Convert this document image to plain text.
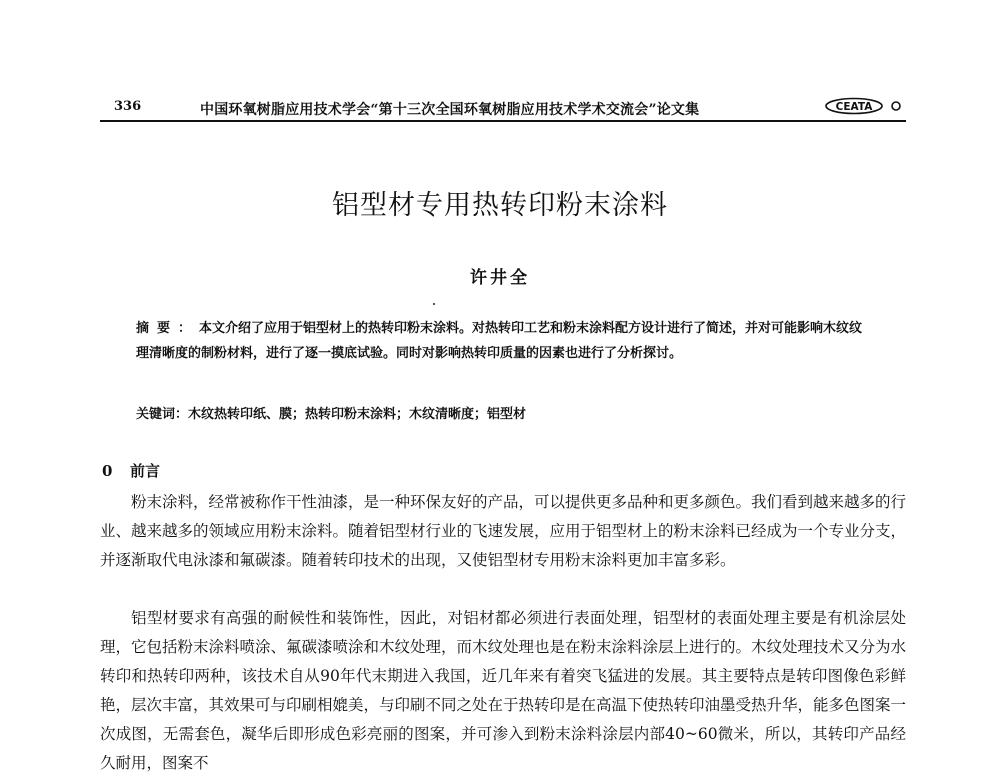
336	中国环氧树脂应用技术学会“第十三次全国环氧树脂应用技术学术交流会”论文集	CEATA
铝型材专用热转印粉末涂料
许井全
摘要：本文介绍了应用于铝型材上的热转印粉末涂料。对热转印工艺和粉末涂料配方设计进行了简述，并对可能影响木纹纹理清晰度的制粉材料，进行了逐一摸底试验。同时对影响热转印质量的因素也进行了分析探讨。
关键词：木纹热转印纸、膜；热转印粉末涂料；木纹清晰度；铝型材
0 前言
粉末涂料，经常被称作干性油漆，是一种环保友好的产品，可以提供更多品种和更多颜色。我们看到越来越多的行业、越来越多的领域应用粉末涂料。随着铝型材行业的飞速发展，应用于铝型材上的粉末涂料已经成为一个专业分支，并逐渐取代电泳漆和氟碳漆。随着转印技术的出现，又使铝型材专用粉末涂料更加丰富多彩。
铝型材要求有高强的耐候性和装饰性，因此，对铝材都必须进行表面处理，铝型材的表面处理主要是有机涂层处理，它包括粉末涂料喷涂、氟碳漆喷涂和木纹处理，而木纹处理也是在粉末涂料涂层上进行的。木纹处理技术又分为水转印和热转印两种，该技术自从90年代末期进入我国，近几年来有着突飞猛进的发展。其主要特点是转印图像色彩鲜艳，层次丰富，其效果可与印刷相媲美，与印刷不同之处在于热转印是在高温下使热转印油墨受热升华，能多色图案一次成图，无需套色，凝华后即形成色彩亮丽的图案，并可渗入到粉末涂料涂层内部40~60微米，所以，其转印产品经久耐用，图案不
